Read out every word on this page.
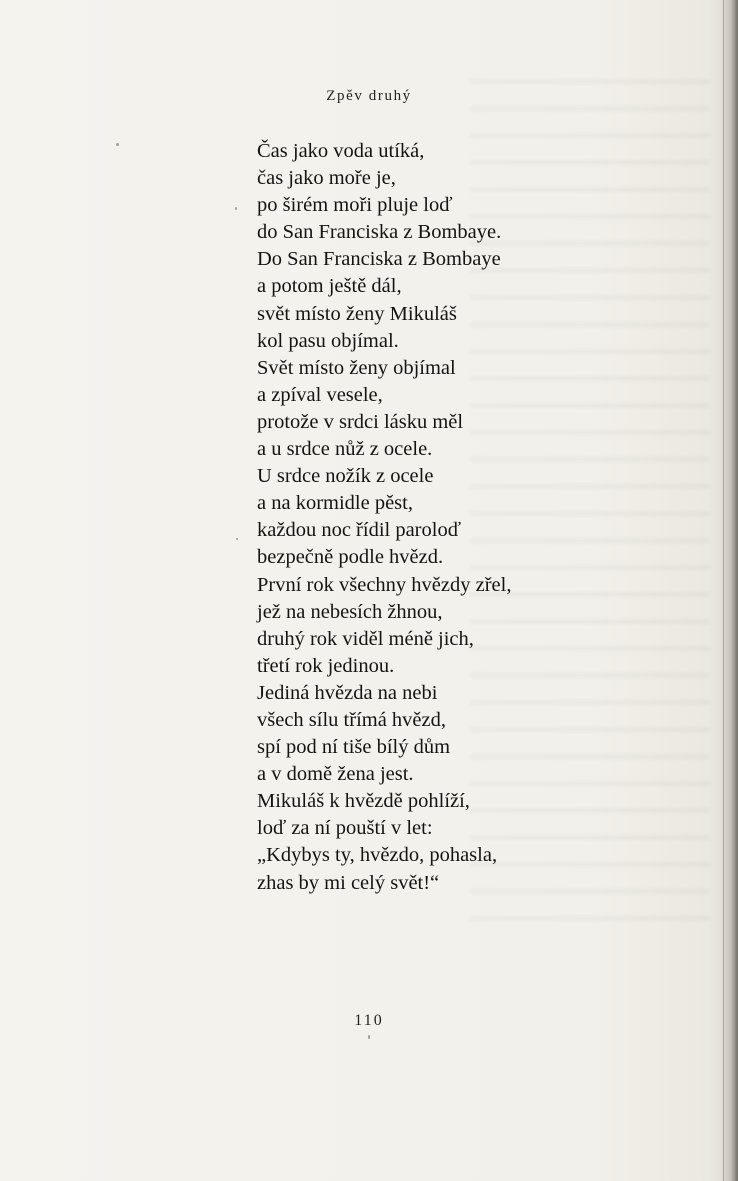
Zpěv druhý
Čas jako voda utíká,
čas jako moře je,
po širém moři pluje loď
do San Franciska z Bombaye.
Do San Franciska z Bombaye
a potom ještě dál,
svět místo ženy Mikuláš
kol pasu objímal.
Svět místo ženy objímal
a zpíval vesele,
protože v srdci lásku měl
a u srdce nůž z ocele.
U srdce nožík z ocele
a na kormidle pěst,
každou noc řídil paroloď
bezpečně podle hvězd.
První rok všechny hvězdy zřel,
jež na nebesích žhnou,
druhý rok viděl méně jich,
třetí rok jedinou.
Jediná hvězda na nebi
všech sílu třímá hvězd,
spí pod ní tiše bílý dům
a v domě žena jest.
Mikuláš k hvězdě pohlíží,
loď za ní pouští v let:
„Kdybys ty, hvězdo, pohasla,
zhas by mi celý svět!“
110
